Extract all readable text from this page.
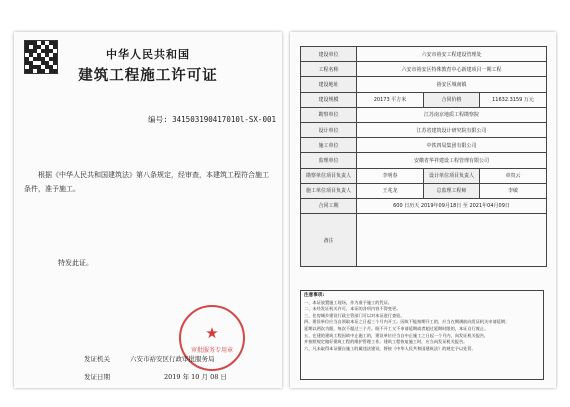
中华人民共和国
建筑工程施工许可证
编号: 341503190417010l-SX-001
根据《中华人民共和国建筑法》第八条规定，经审查，本建筑工程符合施工条件，准予施工。
特发此证。
★
审批服务专用章
发证机关	六安市裕安区行政审批服务局
发证日期	2019 年 10 月 08 日
建设单位	六安市裕安工程建设管理处		
工程名称	六安市裕安区特殊教育中心新建项目一期工程		
建设地址	裕安区城南镇		
建设规模	20173 平方米	合同价格	11632.3159 万元
勘察单位	江苏南京地质工程勘察院		
设计单位	江苏省建筑设计研究院有限公司		
施工单位	中铁四局集团有限公司		
监理单位	安徽省华祥建设工程管理有限公司		
勘察单位项目负责人	李明春	设计单位项目负责人	章贵云
施工单位项目负责人	王兆龙	总监理工程师	李敏
合同工期	600 日历天 2019年09月18日 至 2021年04月09日		
备注			
注意事项:
一、本证放置施工现场，作为准予施工的凭证。
二、未经发证机关许可，本证的各项内容不得变更。
三、住房城乡建设行政主管部门可以对本证进行查验。
四、建设单位应当自领取本证之日起三个月内开工。因故不能按期开工的，应当在期满前向发证机关申请延期；
延期以两次为限，每次不超过三个月。既不开工又不申请延期或者超过延期时限的，本证自行废止。
五、在建的建筑工程因故中止施工的，建设单位应当自中止施工之日起一个月内，向发证机关报告，
并按照规定做好建筑工程的维护管理工作。建筑工程恢复施工时，应当向发证机关报告。
六、凡未取得本证擅自施工的属违法建设，将按《中华人民共和国建筑法》的规定予以处罚。
